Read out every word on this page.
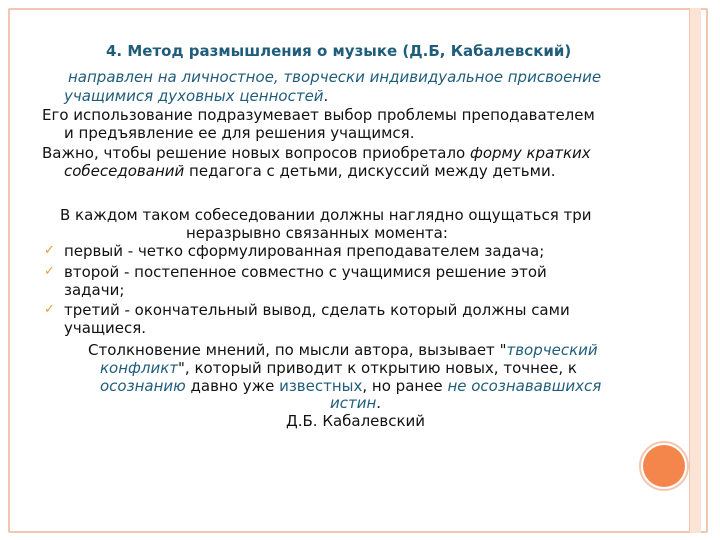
4. Метод размышления о музыке (Д.Б, Кабалевский)
направлен на личностное, творчески индивидуальное присвоение
учащимися духовных ценностей.
Его использование подразумевает выбор проблемы преподавателем
и предъявление ее для решения учащимся.
Важно, чтобы решение новых вопросов приобретало форму кратких
собеседований педагога с детьми, дискуссий между детьми.
В каждом таком собеседовании должны наглядно ощущаться три
неразрывно связанных момента:
✓ первый - четко сформулированная преподавателем задача;
✓ второй - постепенное совместно с учащимися решение этой
задачи;
✓ третий - окончательный вывод, сделать который должны сами
учащиеся.
Столкновение мнений, по мысли автора, вызывает "творческий
конфликт", который приводит к открытию новых, точнее, к
осознанию давно уже известных, но ранее не осознававшихся
истин.
Д.Б. Кабалевский
